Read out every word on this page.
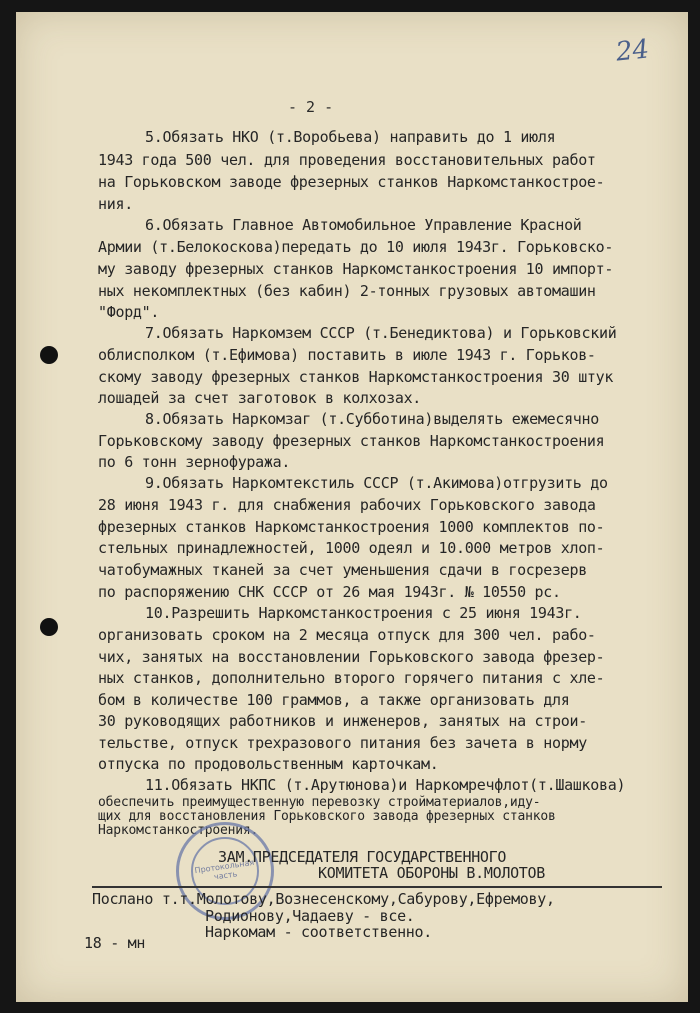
24
- 2 -
5.Обязать НКО (т.Воробьева) направить до 1 июля
1943 года 500 чел. для проведения восстановительных работ
на Горьковском заводе фрезерных станков Наркомстанкостроe-
ния.
6.Обязать Главное Автомобильное Управление Красной
Армии (т.Белокоскова)передать до 10 июля 1943г. Горьковско-
му заводу фрезерных станков Наркомстанкостроения 10 импорт-
ных некомплектных (без кабин) 2-тонных грузовых автомашин
"Форд".
7.Обязать Наркомзем СССР (т.Бенедиктова) и Горьковский
облисполком (т.Ефимова) поставить в июле 1943 г. Горьков-
скому заводу фрезерных станков Наркомстанкостроения 30 штук
лошадей за счет заготовок в колхозах.
8.Обязать Наркомзаг (т.Субботина)выделять ежемесячно
Горьковскому заводу фрезерных станков Наркомстанкостроения
по 6 тонн зернофуража.
9.Обязать Наркомтекстиль СССР (т.Акимова)отгрузить до
28 июня 1943 г. для снабжения рабочих Горьковского завода
фрезерных станков Наркомстанкостроения 1000 комплектов по-
стельных принадлежностей, 1000 одеял и 10.000 метров хлоп-
чатобумажных тканей за счет уменьшения сдачи в госрезерв
по распоряжению СНК СССР от 26 мая 1943г. № 10550 рс.
10.Разрешить Наркомстанкостроения с 25 июня 1943г.
организовать сроком на 2 месяца отпуск для 300 чел. рабо-
чих, занятых на восстановлении Горьковского завода фрезер-
ных станков, дополнительно второго горячего питания с хле-
бом в количестве 100 граммов, а также организовать для
30 руководящих работников и инженеров, занятых на строи-
тельстве, отпуск трехразового питания без зачета в норму
отпуска по продовольственным карточкам.
11.Обязать НКПС (т.Арутюнова)и Наркомречфлот(т.Шашкова)
обеспечить преимущественную перевозку стройматериалов,иду-
щих для восстановления Горьковского завода фрезерных станков
Наркомстанкостроения.
Протокольная часть
ЗАМ.ПРЕДСЕДАТЕЛЯ ГОСУДАРСТВЕННОГО
КОМИТЕТА ОБОРОНЫ В.МОЛОТОВ
Послано т.т.Молотову,Вознесенскому,Сабурову,Ефремову,
Родионову,Чадаеву - все.
Наркомам - соответственно.
18 - мн
